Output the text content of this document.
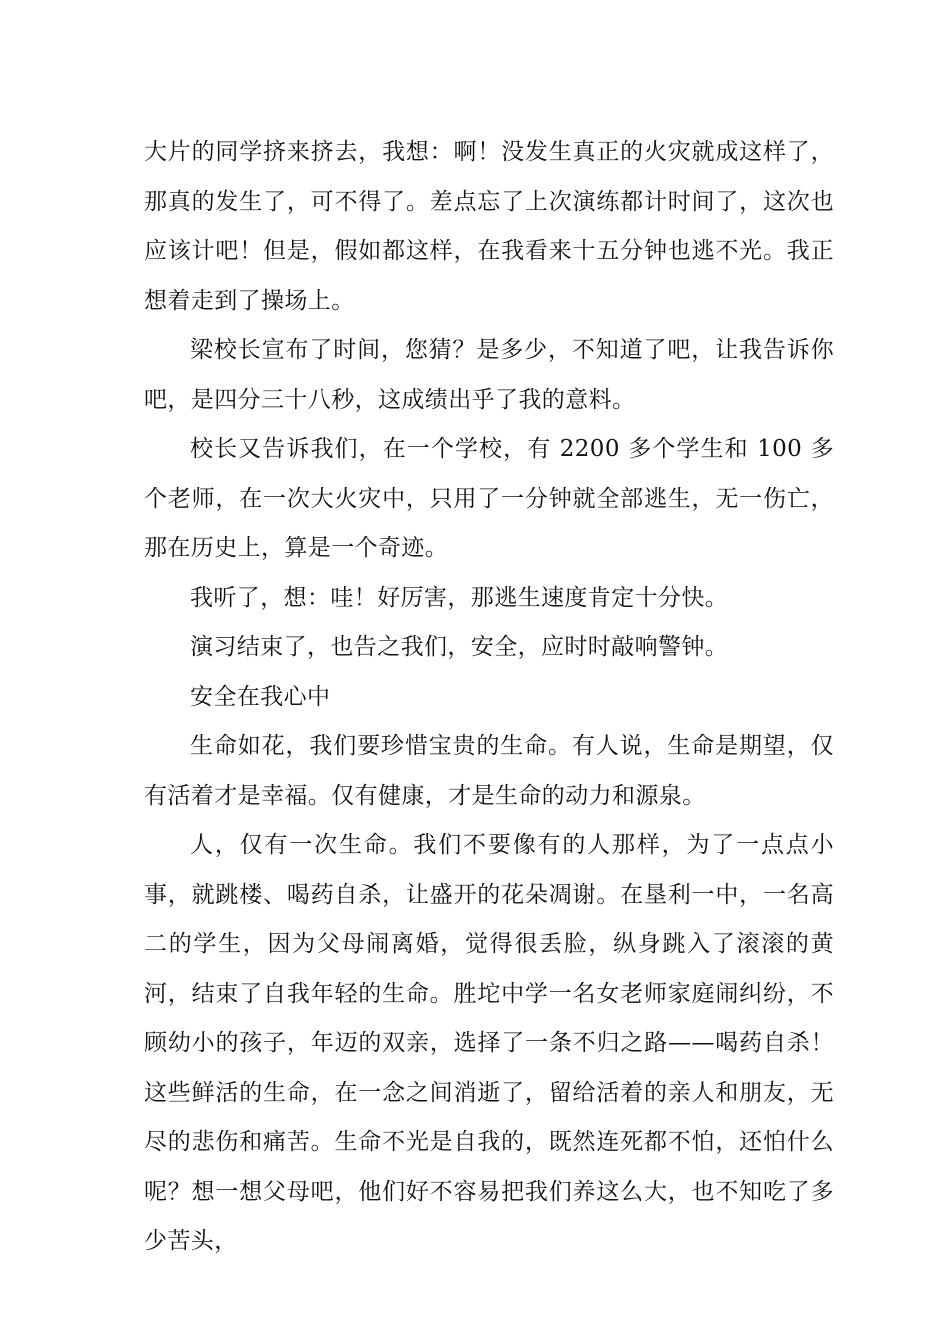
大片的同学挤来挤去，我想：啊！没发生真正的火灾就成这样了，那真的发生了，可不得了。差点忘了上次演练都计时间了，这次也应该计吧！但是，假如都这样，在我看来十五分钟也逃不光。我正想着走到了操场上。

梁校长宣布了时间，您猜？是多少，不知道了吧，让我告诉你吧，是四分三十八秒，这成绩出乎了我的意料。

校长又告诉我们，在一个学校，有 2200 多个学生和 100 多个老师，在一次大火灾中，只用了一分钟就全部逃生，无一伤亡，那在历史上，算是一个奇迹。

我听了，想：哇！好厉害，那逃生速度肯定十分快。

演习结束了，也告之我们，安全，应时时敲响警钟。

安全在我心中

生命如花，我们要珍惜宝贵的生命。有人说，生命是期望，仅有活着才是幸福。仅有健康，才是生命的动力和源泉。

人，仅有一次生命。我们不要像有的人那样，为了一点点小事，就跳楼、喝药自杀，让盛开的花朵凋谢。在垦利一中，一名高二的学生，因为父母闹离婚，觉得很丢脸，纵身跳入了滚滚的黄河，结束了自我年轻的生命。胜坨中学一名女老师家庭闹纠纷，不顾幼小的孩子，年迈的双亲，选择了一条不归之路——喝药自杀！这些鲜活的生命，在一念之间消逝了，留给活着的亲人和朋友，无尽的悲伤和痛苦。生命不光是自我的，既然连死都不怕，还怕什么呢？想一想父母吧，他们好不容易把我们养这么大，也不知吃了多少苦头，
